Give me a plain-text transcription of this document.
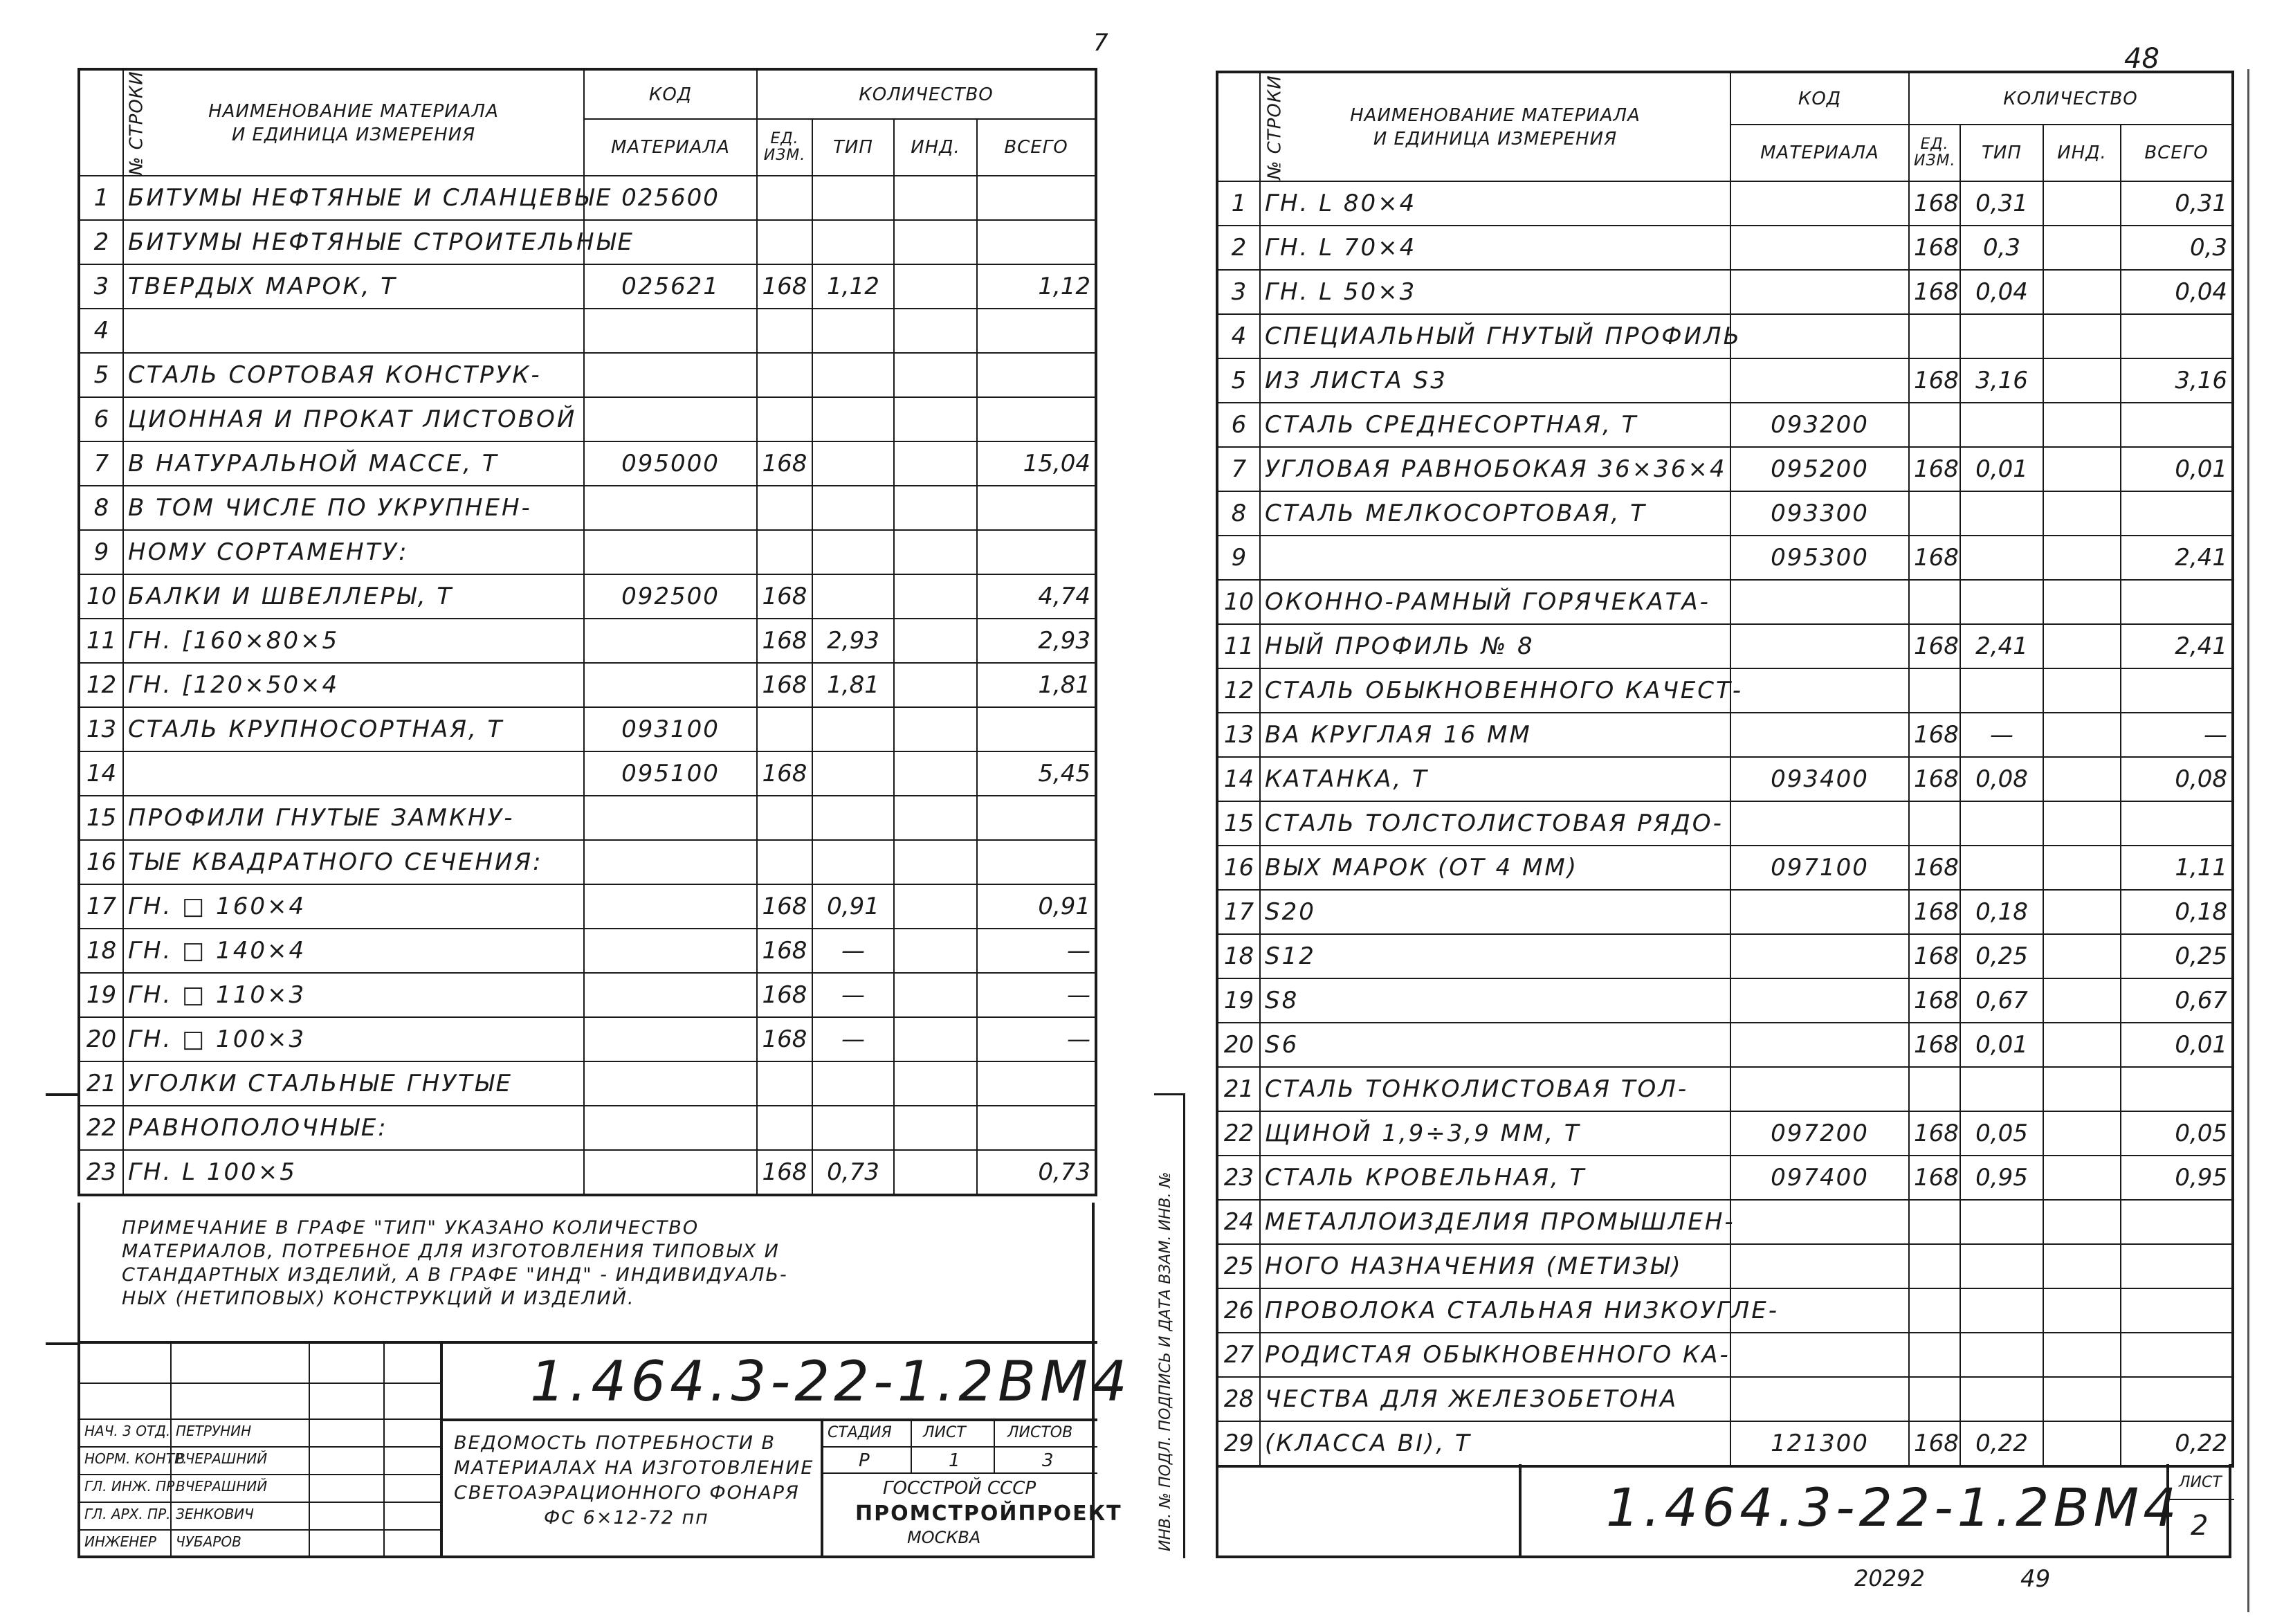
№ СТРОКИ	НАИМЕНОВАНИЕ МАТЕРИАЛА
И ЕДИНИЦА ИЗМЕРЕНИЯ	КОД	КОЛИЧЕСТВО			
		МАТЕРИАЛА	ЕД. ИЗМ.	ТИП	ИНД.	ВСЕГО
1	БИТУМЫ НЕФТЯНЫЕ И СЛАНЦЕВЫЕ	025600				
2	БИТУМЫ НЕФТЯНЫЕ СТРОИТЕЛЬНЫЕ					
3	ТВЕРДЫХ МАРОК, Т	025621	168	1,12		1,12
4						
5	СТАЛЬ СОРТОВАЯ КОНСТРУК-					
6	ЦИОННАЯ И ПРОКАТ ЛИСТОВОЙ					
7	В НАТУРАЛЬНОЙ МАССЕ, Т	095000	168			15,04
8	В ТОМ ЧИСЛЕ ПО УКРУПНЕН-					
9	НОМУ СОРТАМЕНТУ:					
10	БАЛКИ И ШВЕЛЛЕРЫ, Т	092500	168			4,74
11	ГН. [160×80×5		168	2,93		2,93
12	ГН. [120×50×4		168	1,81		1,81
13	СТАЛЬ КРУПНОСОРТНАЯ, Т	093100				
14		095100	168			5,45
15	ПРОФИЛИ ГНУТЫЕ ЗАМКНУ-					
16	ТЫЕ КВАДРАТНОГО СЕЧЕНИЯ:					
17	ГН. □ 160×4		168	0,91		0,91
18	ГН. □ 140×4		168	—		—
19	ГН. □ 110×3		168	—		—
20	ГН. □ 100×3		168	—		—
21	УГОЛКИ СТАЛЬНЫЕ ГНУТЫЕ					
22	РАВНОПОЛОЧНЫЕ:					
23	ГН. L 100×5		168	0,73		0,73
ПРИМЕЧАНИЕ В ГРАФЕ "ТИП" УКАЗАНО КОЛИЧЕСТВО
МАТЕРИАЛОВ, ПОТРЕБНОЕ ДЛЯ ИЗГОТОВЛЕНИЯ ТИПОВЫХ И
СТАНДАРТНЫХ ИЗДЕЛИЙ, А В ГРАФЕ "ИНД" - ИНДИВИДУАЛЬ-
НЫХ (НЕТИПОВЫХ) КОНСТРУКЦИЙ И ИЗДЕЛИЙ.
1.464.3-22-1.2ВМ4
НАЧ. 3 ОТД. ПЕТРУНИН
НОРМ. КОНТР.
ВЧЕРАШНИЙ
ГЛ. ИНЖ. ПР.
ВЧЕРАШНИЙ
ГЛ. АРХ. ПР. ЗЕНКОВИЧ
ИНЖЕНЕР ЧУБАРОВ
ВЕДОМОСТЬ ПОТРЕБНОСТИ В
МАТЕРИАЛАХ НА ИЗГОТОВЛЕНИЕ
СВЕТОАЭРАЦИОННОГО ФОНАРЯ
ФС 6×12-72 пп
СТАДИЯ ЛИСТ	ЛИСТОВ
Р	1	3
ГОССТРОЙ СССР
ПРОМСТРОЙПРОЕКТ
МОСКВА
7
№ СТРОКИ	НАИМЕНОВАНИЕ МАТЕРИАЛА
И ЕДИНИЦА ИЗМЕРЕНИЯ	КОД	КОЛИЧЕСТВО			
		МАТЕРИАЛА	ЕД. ИЗМ.	ТИП	ИНД.	ВСЕГО
1	ГН. L 80×4		168	0,31		0,31
2	ГН. L 70×4		168	0,3		0,3
3	ГН. L 50×3		168	0,04		0,04
4	СПЕЦИАЛЬНЫЙ ГНУТЫЙ ПРОФИЛЬ					
5	ИЗ ЛИСТА S3		168	3,16		3,16
6	СТАЛЬ СРЕДНЕСОРТНАЯ, Т	093200				
7	УГЛОВАЯ РАВНОБОКАЯ 36×36×4	095200	168	0,01		0,01
8	СТАЛЬ МЕЛКОСОРТОВАЯ, Т	093300				
9		095300	168			2,41
10	ОКОННО-РАМНЫЙ ГОРЯЧЕКАТА-					
11	НЫЙ ПРОФИЛЬ № 8		168	2,41		2,41
12	СТАЛЬ ОБЫКНОВЕННОГО КАЧЕСТ-					
13	ВА КРУГЛАЯ 16 ММ		168	—		—
14	КАТАНКА, Т	093400	168	0,08		0,08
15	СТАЛЬ ТОЛСТОЛИСТОВАЯ РЯДО-					
16	ВЫХ МАРОК (ОТ 4 ММ)	097100	168			1,11
17	S20		168	0,18		0,18
18	S12		168	0,25		0,25
19	S8		168	0,67		0,67
20	S6		168	0,01		0,01
21	СТАЛЬ ТОНКОЛИСТОВАЯ ТОЛ-					
22	ЩИНОЙ 1,9÷3,9 ММ, Т	097200	168	0,05		0,05
23	СТАЛЬ КРОВЕЛЬНАЯ, Т	097400	168	0,95		0,95
24	МЕТАЛЛОИЗДЕЛИЯ ПРОМЫШЛЕН-					
25	НОГО НАЗНАЧЕНИЯ (МЕТИЗЫ)					
26	ПРОВОЛОКА СТАЛЬНАЯ НИЗКОУГЛЕ-					
27	РОДИСТАЯ ОБЫКНОВЕННОГО КА-					
28	ЧЕСТВА ДЛЯ ЖЕЛЕЗОБЕТОНА					
29	(КЛАССА BI), Т	121300	168	0,22		0,22
1.464.3-22-1.2ВМ4
ЛИСТ
2
ИНВ. № ПОДЛ. ПОДПИСЬ И ДАТА ВЗАМ. ИНВ. №
48
20292	49
